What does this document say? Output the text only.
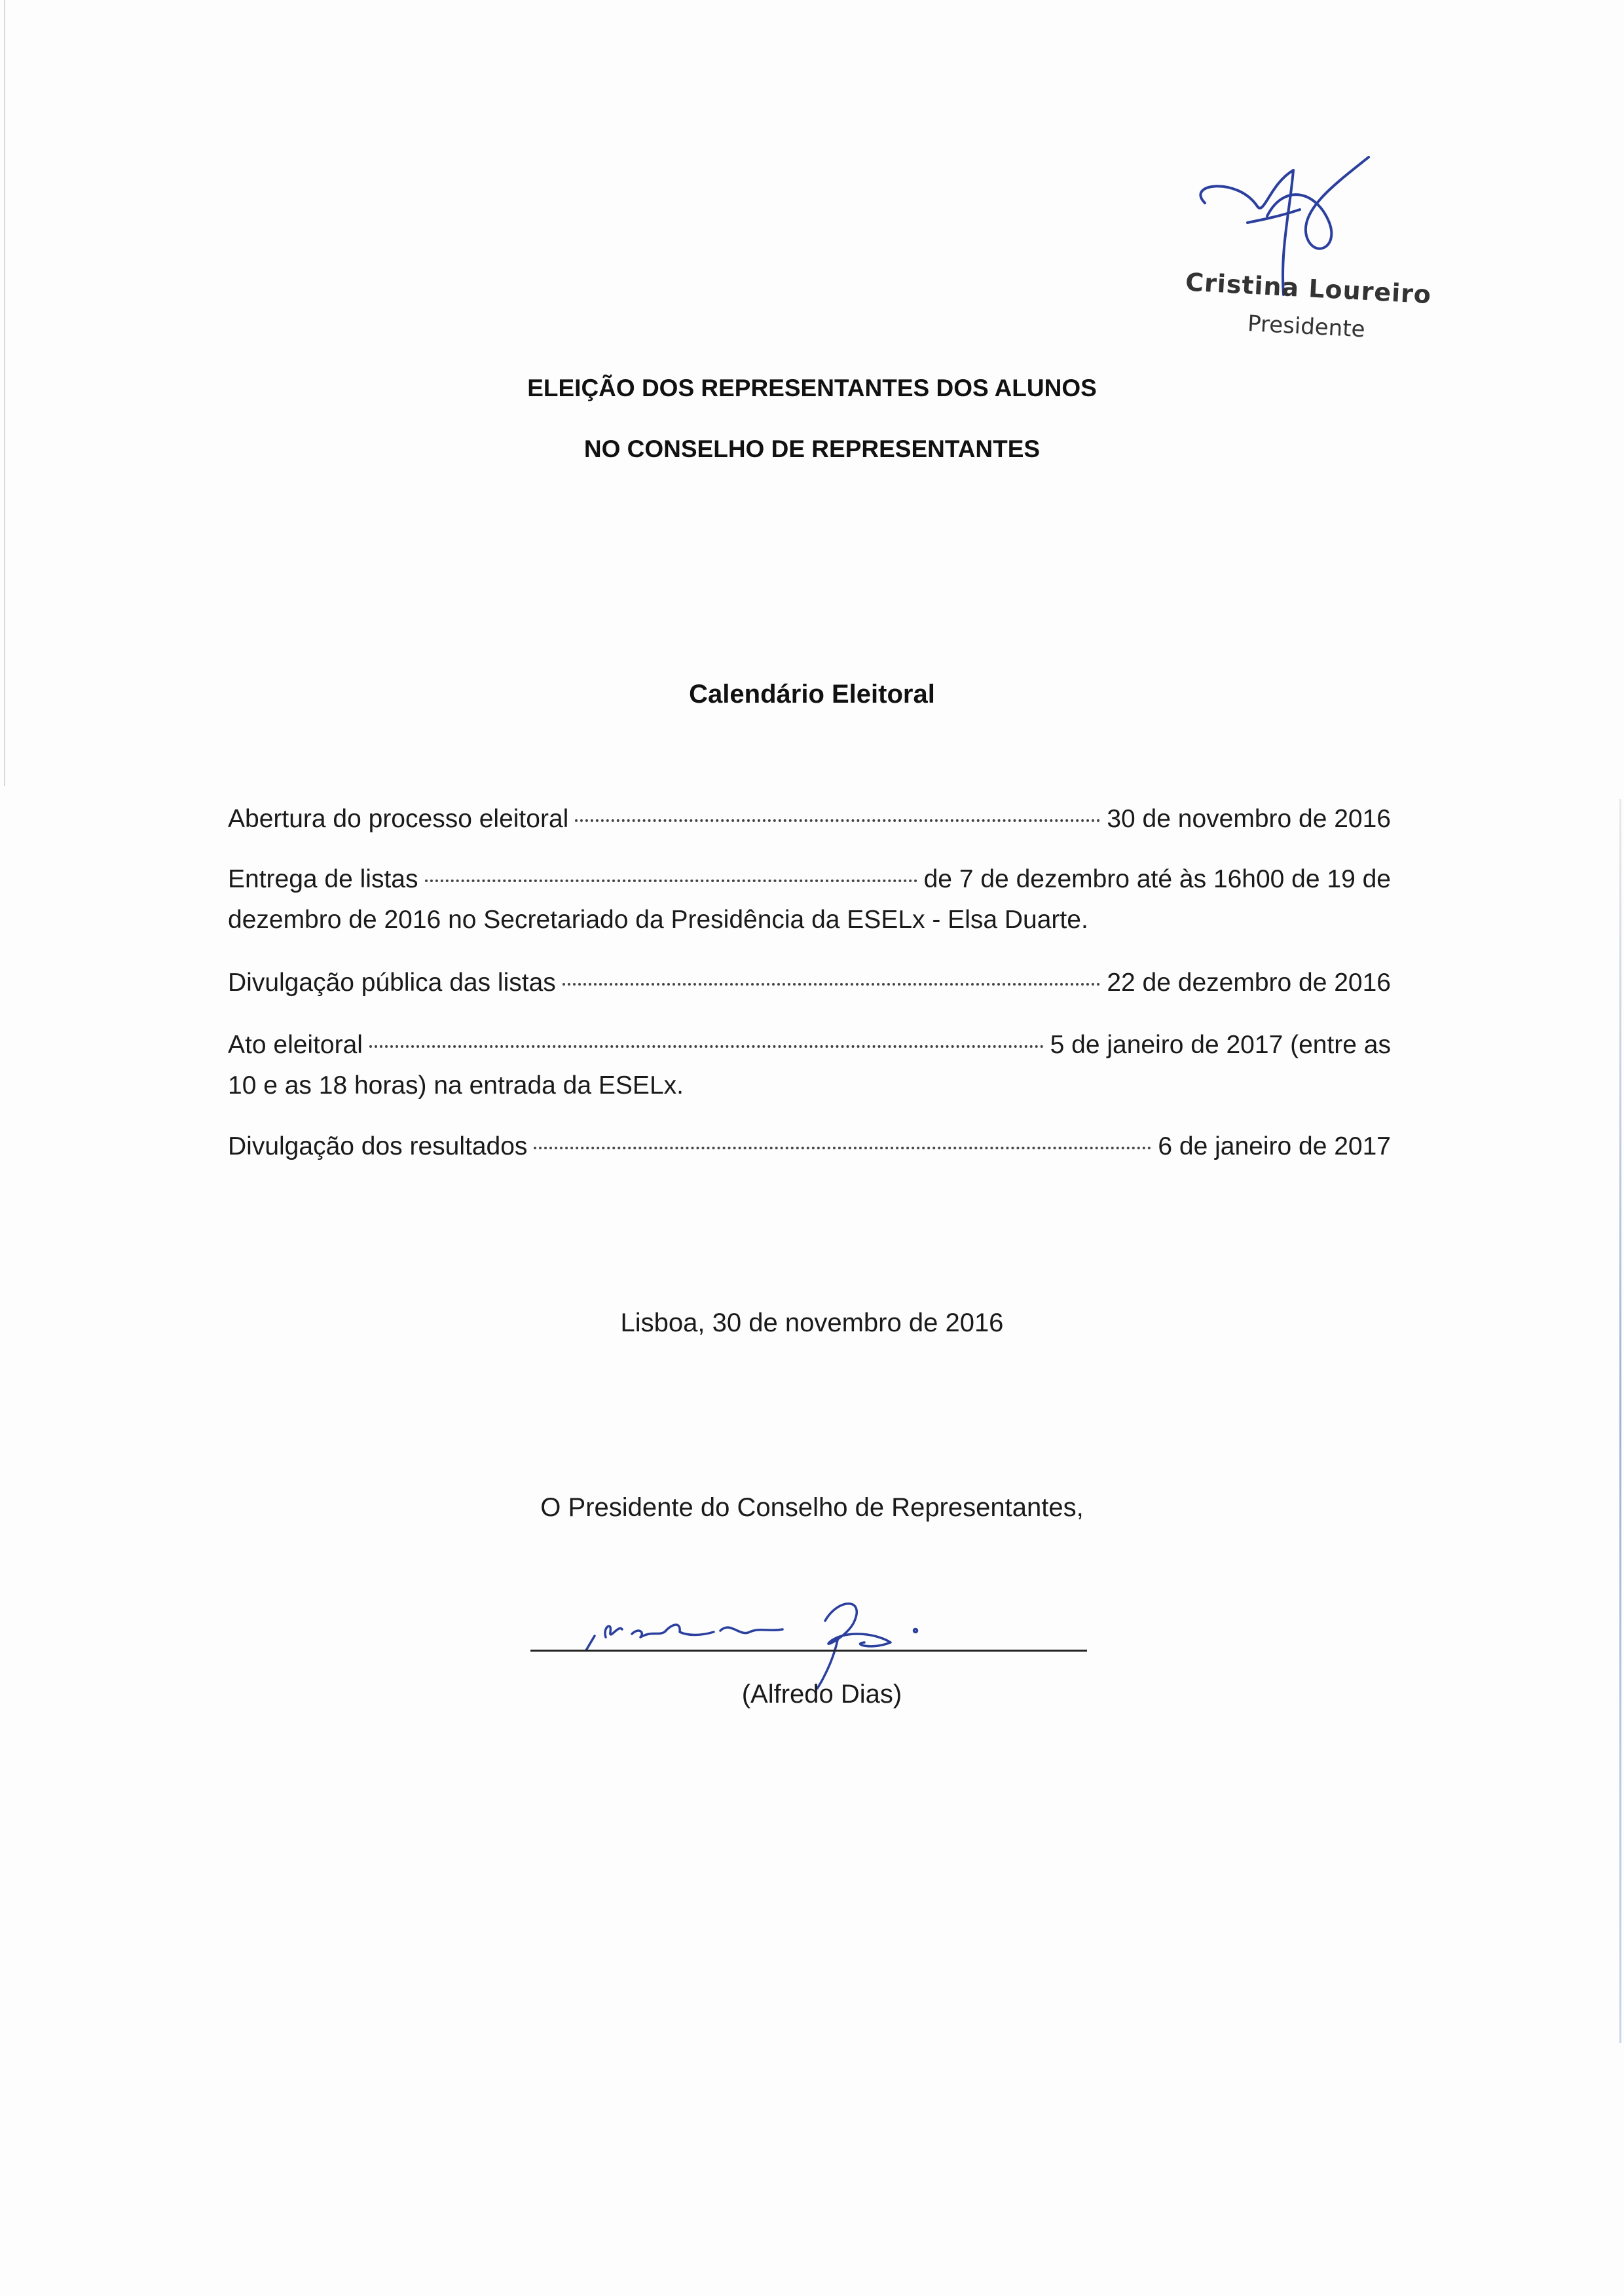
Cristina Loureiro
Presidente
ELEIÇÃO DOS REPRESENTANTES DOS ALUNOS
NO CONSELHO DE REPRESENTANTES
Calendário Eleitoral
Abertura do processo eleitoral	30 de novembro de 2016
Entrega de listas	de 7 de dezembro até às 16h00 de 19 de
dezembro de 2016 no Secretariado da Presidência da ESELx - Elsa Duarte.
Divulgação pública das listas	22 de dezembro de 2016
Ato eleitoral	5 de janeiro de 2017 (entre as
10 e as 18 horas) na entrada da ESELx.
Divulgação dos resultados	6 de janeiro de 2017
Lisboa, 30 de novembro de 2016
O Presidente do Conselho de Representantes,
(Alfredo Dias)
